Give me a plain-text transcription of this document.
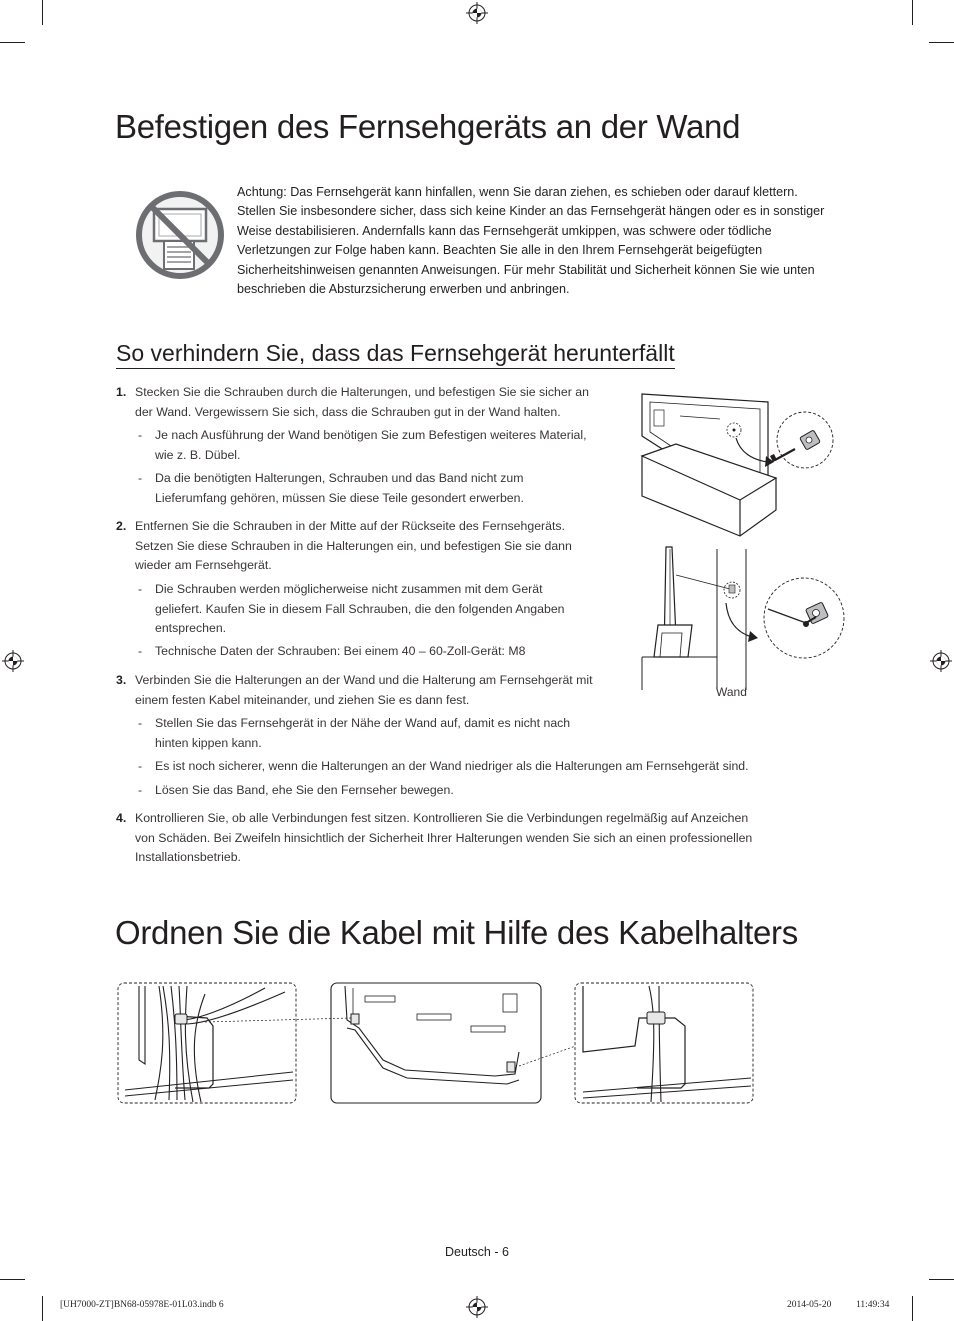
Befestigen des Fernsehgeräts an der Wand
Achtung: Das Fernsehgerät kann hinfallen, wenn Sie daran ziehen, es schieben oder darauf klettern. Stellen Sie insbesondere sicher, dass sich keine Kinder an das Fernsehgerät hängen oder es in sonstiger Weise destabilisieren. Andernfalls kann das Fernsehgerät umkippen, was schwere oder tödliche Verletzungen zur Folge haben kann. Beachten Sie alle in den Ihrem Fernsehgerät beigefügten Sicherheitshinweisen genannten Anweisungen. Für mehr Stabilität und Sicherheit können Sie wie unten beschrieben die Absturzsicherung erwerben und anbringen.
So verhindern Sie, dass das Fernsehgerät herunterfällt
1. Stecken Sie die Schrauben durch die Halterungen, und befestigen Sie sie sicher an
der Wand. Vergewissern Sie sich, dass die Schrauben gut in der Wand halten.
- Je nach Ausführung der Wand benötigen Sie zum Befestigen weiteres Material,
wie z. B. Dübel.
- Da die benötigten Halterungen, Schrauben und das Band nicht zum
Lieferumfang gehören, müssen Sie diese Teile gesondert erwerben.
2. Entfernen Sie die Schrauben in der Mitte auf der Rückseite des Fernsehgeräts.
Setzen Sie diese Schrauben in die Halterungen ein, und befestigen Sie sie dann
wieder am Fernsehgerät.
- Die Schrauben werden möglicherweise nicht zusammen mit dem Gerät
geliefert. Kaufen Sie in diesem Fall Schrauben, die den folgenden Angaben
entsprechen.
- Technische Daten der Schrauben: Bei einem 40 – 60-Zoll-Gerät: M8
3. Verbinden Sie die Halterungen an der Wand und die Halterung am Fernsehgerät mit
einem festen Kabel miteinander, und ziehen Sie es dann fest.
- Stellen Sie das Fernsehgerät in der Nähe der Wand auf, damit es nicht nach
hinten kippen kann.
- Es ist noch sicherer, wenn die Halterungen an der Wand niedriger als die Halterungen am Fernsehgerät sind.
- Lösen Sie das Band, ehe Sie den Fernseher bewegen.
4. Kontrollieren Sie, ob alle Verbindungen fest sitzen. Kontrollieren Sie die Verbindungen regelmäßig auf Anzeichen
von Schäden. Bei Zweifeln hinsichtlich der Sicherheit Ihrer Halterungen wenden Sie sich an einen professionellen
Installationsbetrieb.
Wand
Ordnen Sie die Kabel mit Hilfe des Kabelhalters
Deutsch - 6
[UH7000-ZT]BN68-05978E-01L03.indb 6	2014-05-20	11:49:34
